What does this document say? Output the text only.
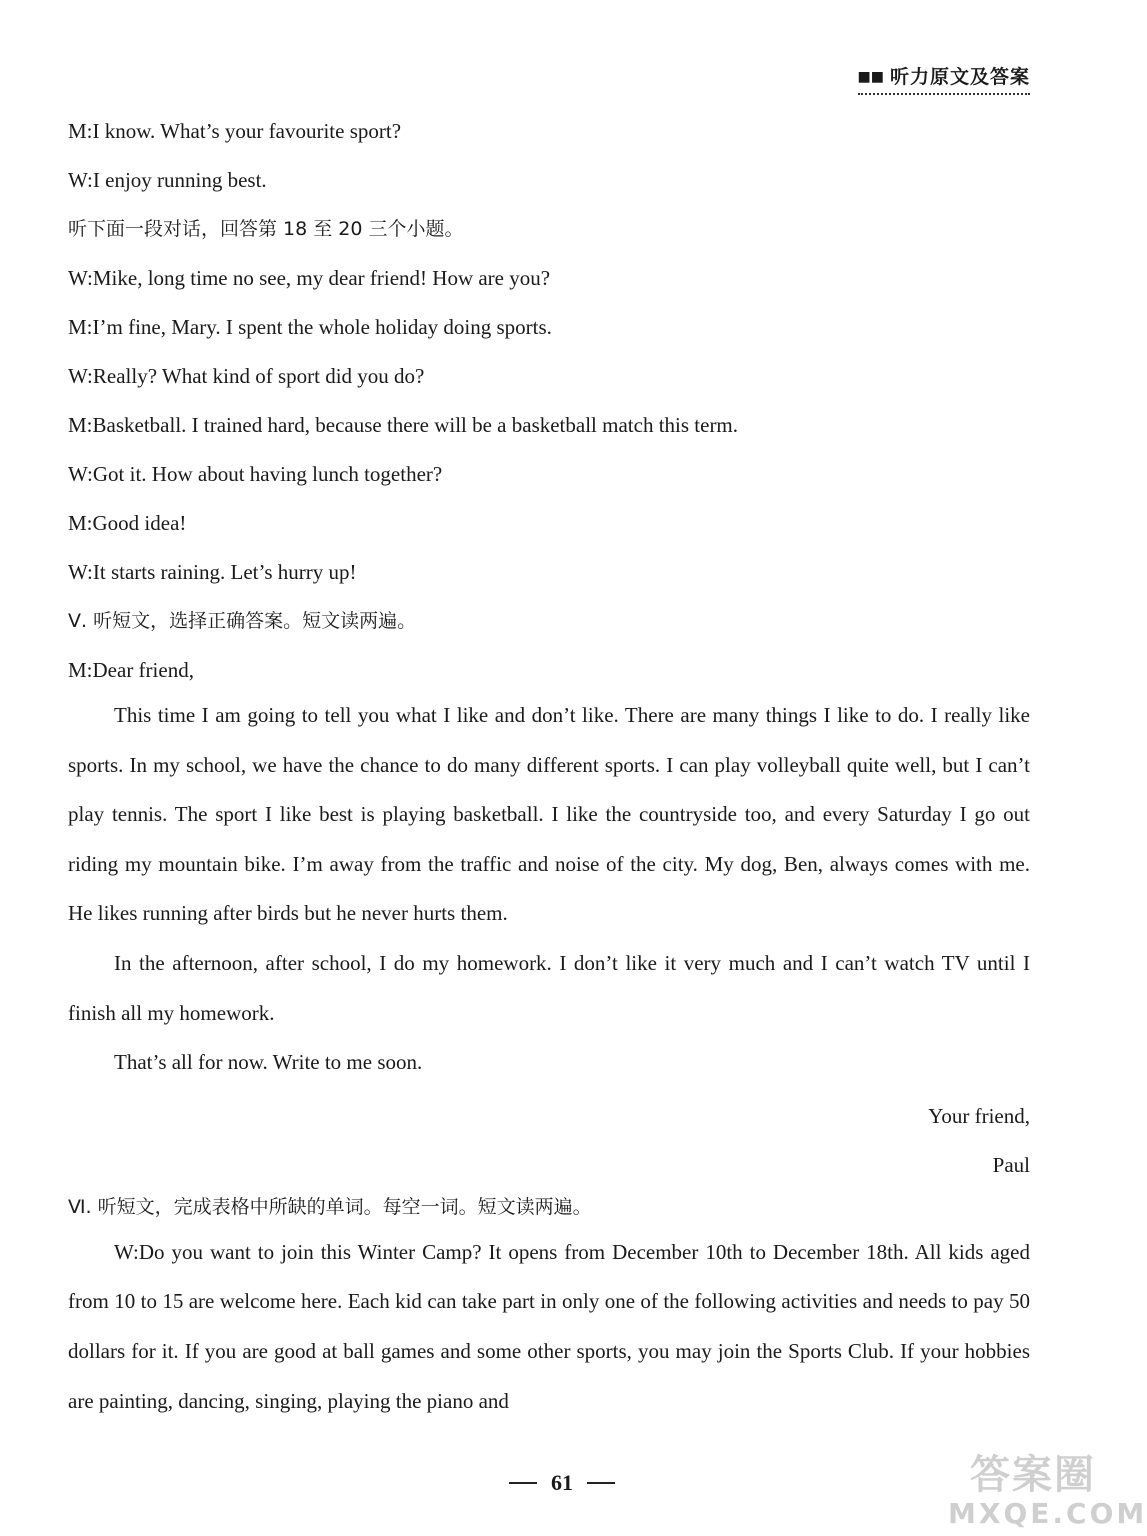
■■ 听力原文及答案

M:I know. What’s your favourite sport?

W:I enjoy running best.

听下面一段对话，回答第 18 至 20 三个小题。

W:Mike, long time no see, my dear friend! How are you?

M:I’m fine, Mary. I spent the whole holiday doing sports.

W:Really? What kind of sport did you do?

M:Basketball. I trained hard, because there will be a basketball match this term.

W:Got it. How about having lunch together?

M:Good idea!

W:It starts raining. Let’s hurry up!

Ⅴ. 听短文，选择正确答案。短文读两遍。

M:Dear friend,

This time I am going to tell you what I like and don’t like. There are many things I like to do. I really like sports. In my school, we have the chance to do many different sports. I can play volleyball quite well, but I can’t play tennis. The sport I like best is playing basketball. I like the countryside too, and every Saturday I go out riding my mountain bike. I’m away from the traffic and noise of the city. My dog, Ben, always comes with me. He likes running after birds but he never hurts them.

In the afternoon, after school, I do my homework. I don’t like it very much and I can’t watch TV until I finish all my homework.

That’s all for now. Write to me soon.

Your friend,
Paul

Ⅵ. 听短文，完成表格中所缺的单词。每空一词。短文读两遍。

W:Do you want to join this Winter Camp? It opens from December 10th to December 18th. All kids aged from 10 to 15 are welcome here. Each kid can take part in only one of the following activities and needs to pay 50 dollars for it. If you are good at ball games and some other sports, you may join the Sports Club. If your hobbies are painting, dancing, singing, playing the piano and

61	答案圈
MXQE.COM
